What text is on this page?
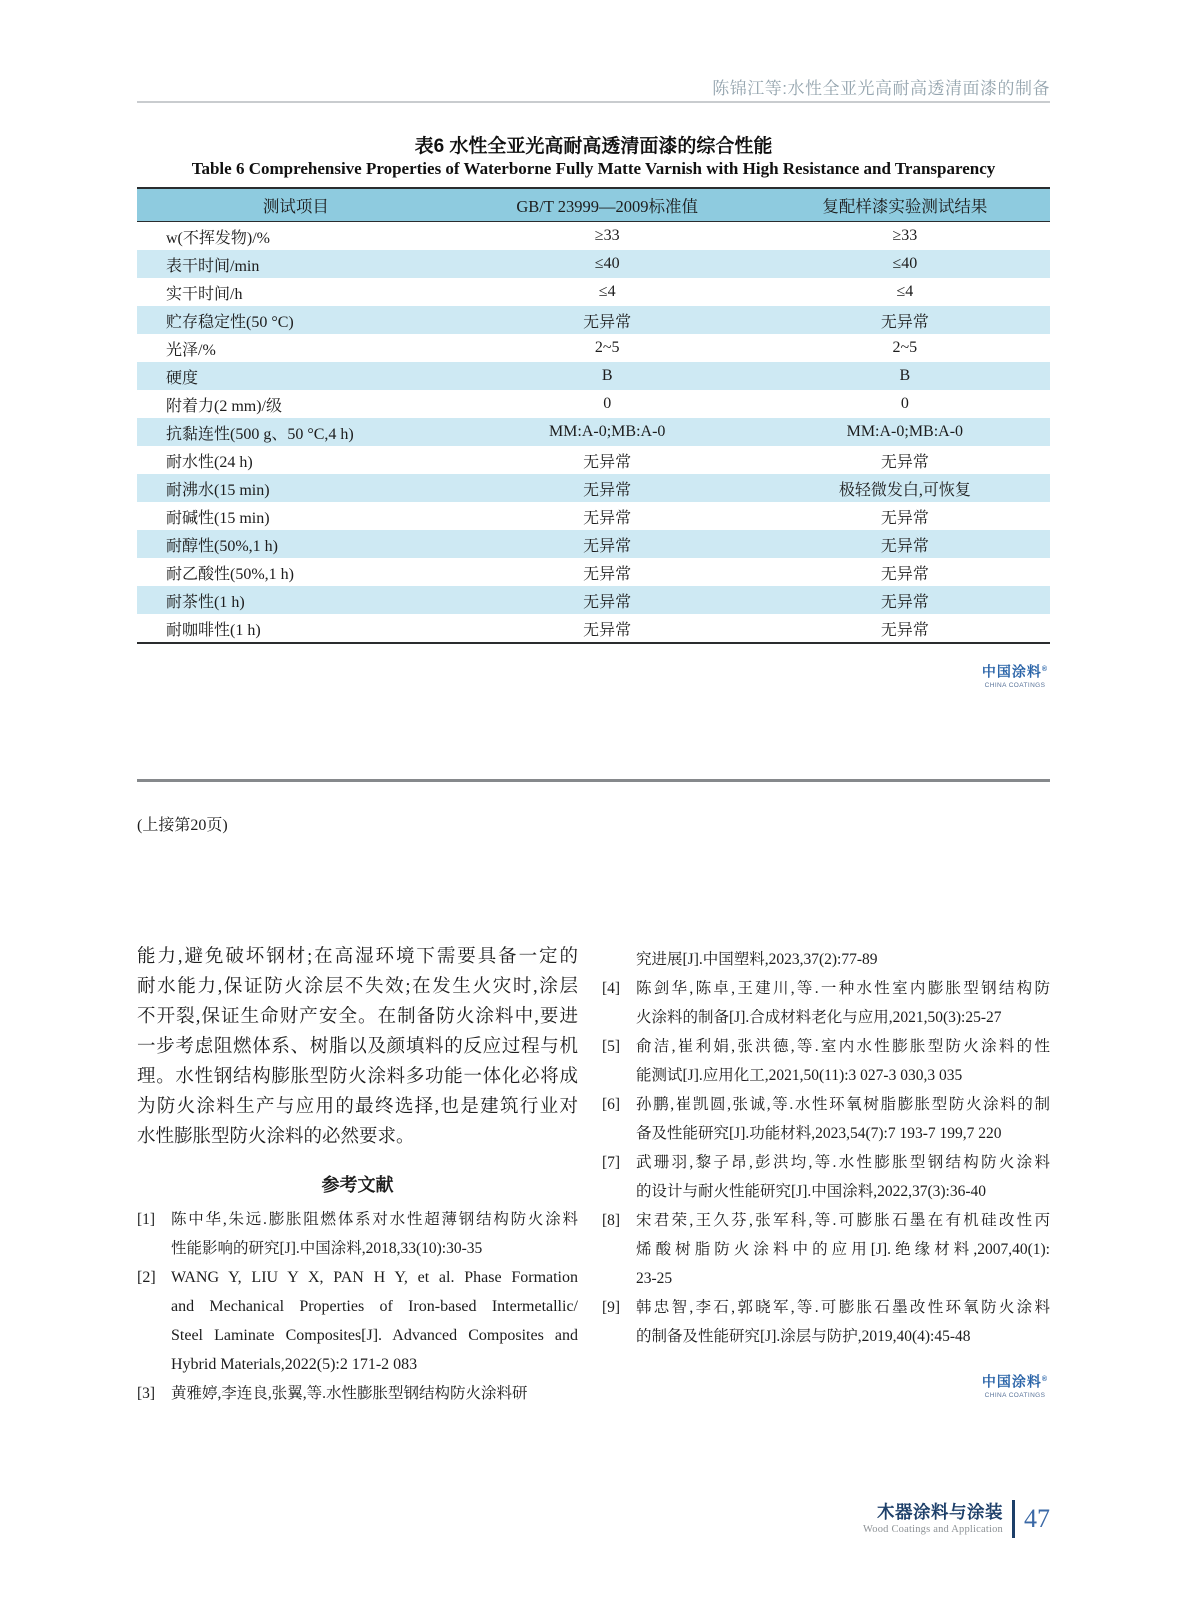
陈锦江等:水性全亚光高耐高透清面漆的制备
表6 水性全亚光高耐高透清面漆的综合性能
Table 6 Comprehensive Properties of Waterborne Fully Matte Varnish with High Resistance and Transparency
测试项目	GB/T 23999—2009标准值	复配样漆实验测试结果
w(不挥发物)/%	≥33	≥33
表干时间/min	≤40	≤40
实干时间/h	≤4	≤4
贮存稳定性(50 °C)	无异常	无异常
光泽/%	2~5	2~5
硬度	B	B
附着力(2 mm)/级	0	0
抗黏连性(500 g、50 °C,4 h)	MM:A-0;MB:A-0	MM:A-0;MB:A-0
耐水性(24 h)	无异常	无异常
耐沸水(15 min)	无异常	极轻微发白,可恢复
耐碱性(15 min)	无异常	无异常
耐醇性(50%,1 h)	无异常	无异常
耐乙酸性(50%,1 h)	无异常	无异常
耐茶性(1 h)	无异常	无异常
耐咖啡性(1 h)	无异常	无异常
中国涂料®
CHINA COATINGS
(上接第20页)
能力,避免破坏钢材;在高湿环境下需要具备一定的
耐水能力,保证防火涂层不失效;在发生火灾时,涂层
不开裂,保证生命财产安全。在制备防火涂料中,要进
一步考虑阻燃体系、树脂以及颜填料的反应过程与机
理。水性钢结构膨胀型防火涂料多功能一体化必将成
为防火涂料生产与应用的最终选择,也是建筑行业对
水性膨胀型防火涂料的必然要求。
参考文献
[1] 陈中华,朱远.膨胀阻燃体系对水性超薄钢结构防火涂料
性能影响的研究[J].中国涂料,2018,33(10):30-35
[2] WANG Y, LIU Y X, PAN H Y, et al. Phase Formation
and Mechanical Properties of Iron-based Intermetallic/
Steel Laminate Composites[J]. Advanced Composites and
Hybrid Materials,2022(5):2 171-2 083
[3] 黄雅婷,李连良,张翼,等.水性膨胀型钢结构防火涂料研
究进展[J].中国塑料,2023,37(2):77-89
[4] 陈剑华,陈卓,王建川,等.一种水性室内膨胀型钢结构防
火涂料的制备[J].合成材料老化与应用,2021,50(3):25-27
[5] 俞洁,崔利娟,张洪德,等.室内水性膨胀型防火涂料的性
能测试[J].应用化工,2021,50(11):3 027-3 030,3 035
[6] 孙鹏,崔凯圆,张诚,等.水性环氧树脂膨胀型防火涂料的制
备及性能研究[J].功能材料,2023,54(7):7 193-7 199,7 220
[7] 武珊羽,黎子昂,彭洪均,等.水性膨胀型钢结构防火涂料
的设计与耐火性能研究[J].中国涂料,2022,37(3):36-40
[8] 宋君荣,王久芬,张军科,等.可膨胀石墨在有机硅改性丙
烯酸树脂防火涂料中的应用[J].绝缘材料,2007,40(1):
23-25
[9] 韩忠智,李石,郭晓军,等.可膨胀石墨改性环氧防火涂料
的制备及性能研究[J].涂层与防护,2019,40(4):45-48
中国涂料®
CHINA COATINGS
木器涂料与涂装
Wood Coatings and Application 47
